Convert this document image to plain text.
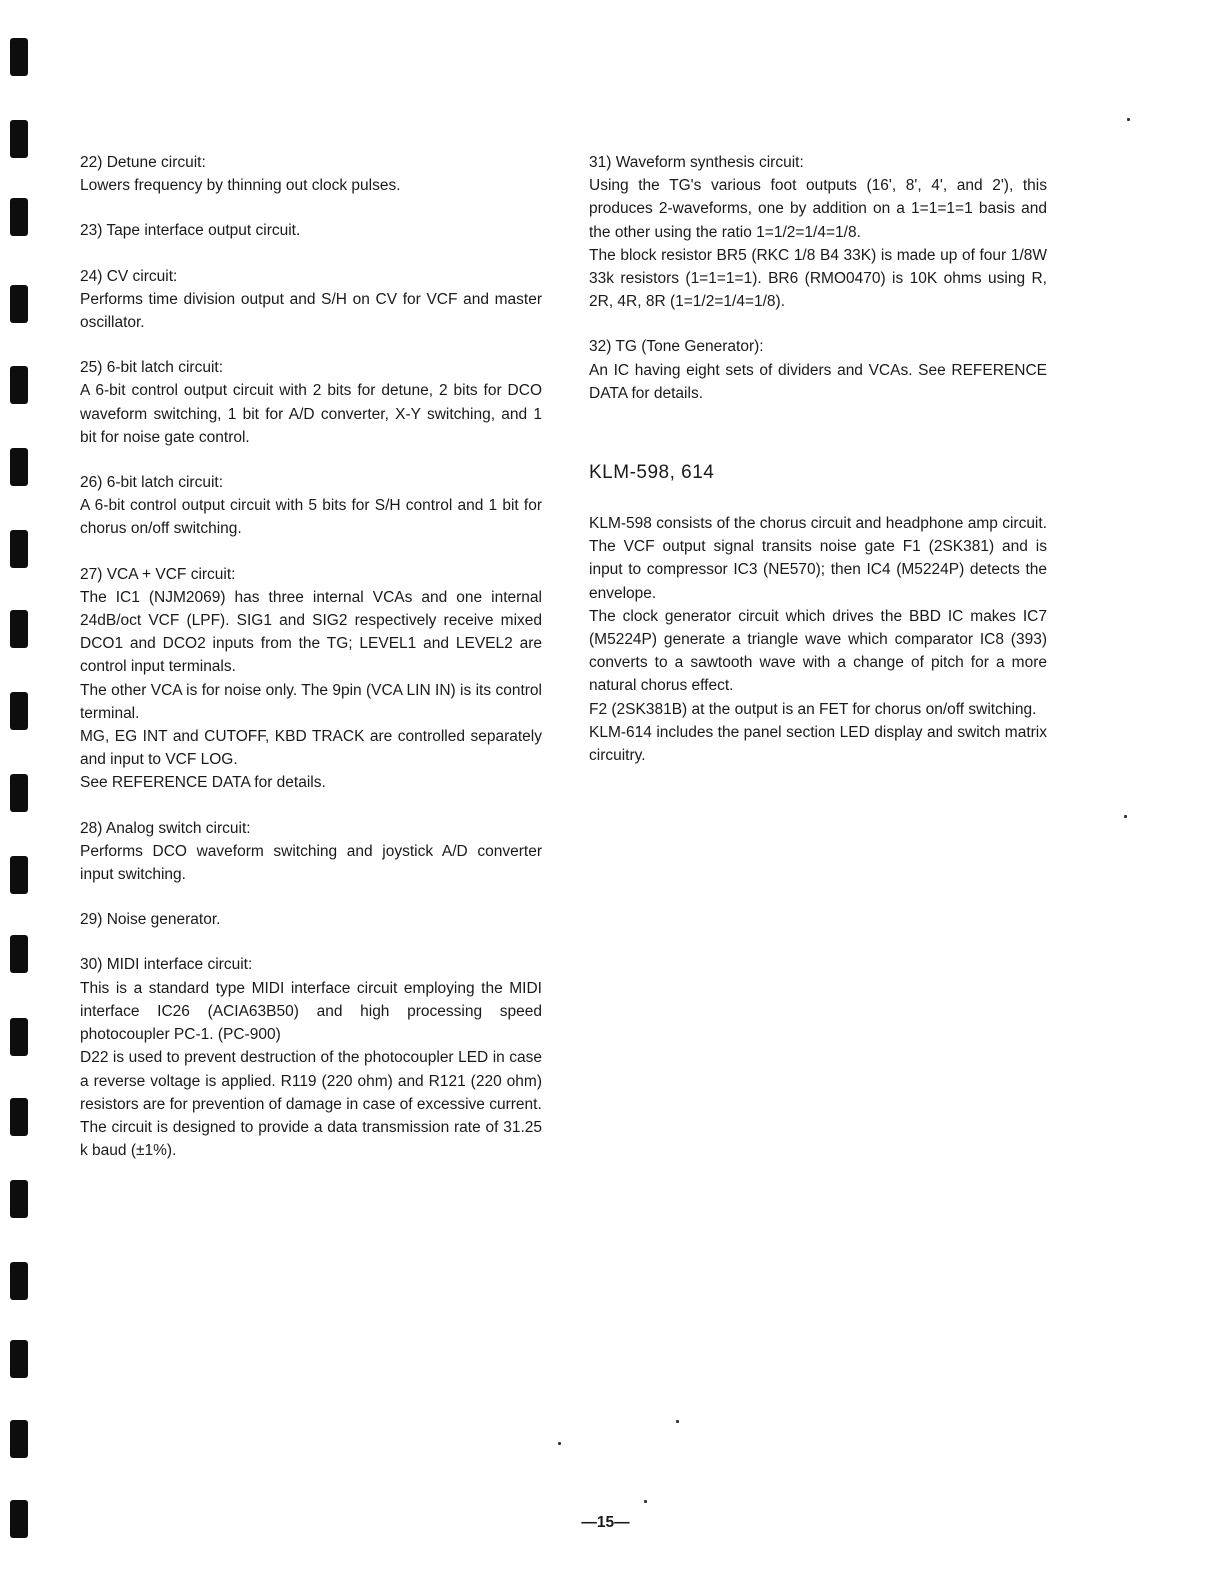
22) Detune circuit:

Lowers frequency by thinning out clock pulses.

23) Tape interface output circuit.

24) CV circuit:

Performs time division output and S/H on CV for VCF and master oscillator.

25) 6-bit latch circuit:

A 6-bit control output circuit with 2 bits for detune, 2 bits for DCO waveform switching, 1 bit for A/D converter, X-Y switching, and 1 bit for noise gate control.

26) 6-bit latch circuit:

A 6-bit control output circuit with 5 bits for S/H control and 1 bit for chorus on/off switching.

27) VCA + VCF circuit:

The IC1 (NJM2069) has three internal VCAs and one internal 24dB/oct VCF (LPF). SIG1 and SIG2 respectively receive mixed DCO1 and DCO2 inputs from the TG; LEVEL1 and LEVEL2 are control input terminals.

The other VCA is for noise only. The 9pin (VCA LIN IN) is its control terminal.

MG, EG INT and CUTOFF, KBD TRACK are controlled separately and input to VCF LOG.

See REFERENCE DATA for details.

28) Analog switch circuit:

Performs DCO waveform switching and joystick A/D converter input switching.

29) Noise generator.

30) MIDI interface circuit:

This is a standard type MIDI interface circuit employing the MIDI interface IC26 (ACIA63B50) and high processing speed photocoupler PC-1. (PC-900)

D22 is used to prevent destruction of the photocoupler LED in case a reverse voltage is applied. R119 (220 ohm) and R121 (220 ohm) resistors are for prevention of damage in case of excessive current.

The circuit is designed to provide a data transmission rate of 31.25 k baud (±1%).

31) Waveform synthesis circuit:

Using the TG's various foot outputs (16', 8', 4', and 2'), this produces 2-waveforms, one by addition on a 1=1=1=1 basis and the other using the ratio 1=1/2=1/4=1/8.

The block resistor BR5 (RKC 1/8 B4 33K) is made up of four 1/8W 33k resistors (1=1=1=1). BR6 (RMO0470) is 10K ohms using R, 2R, 4R, 8R (1=1/2=1/4=1/8).

32) TG (Tone Generator):

An IC having eight sets of dividers and VCAs. See REFERENCE DATA for details.

KLM-598, 614

KLM-598 consists of the chorus circuit and headphone amp circuit. The VCF output signal transits noise gate F1 (2SK381) and is input to compressor IC3 (NE570); then IC4 (M5224P) detects the envelope.

The clock generator circuit which drives the BBD IC makes IC7 (M5224P) generate a triangle wave which comparator IC8 (393) converts to a sawtooth wave with a change of pitch for a more natural chorus effect.

F2 (2SK381B) at the output is an FET for chorus on/off switching.

KLM-614 includes the panel section LED display and switch matrix circuitry.

—15—
